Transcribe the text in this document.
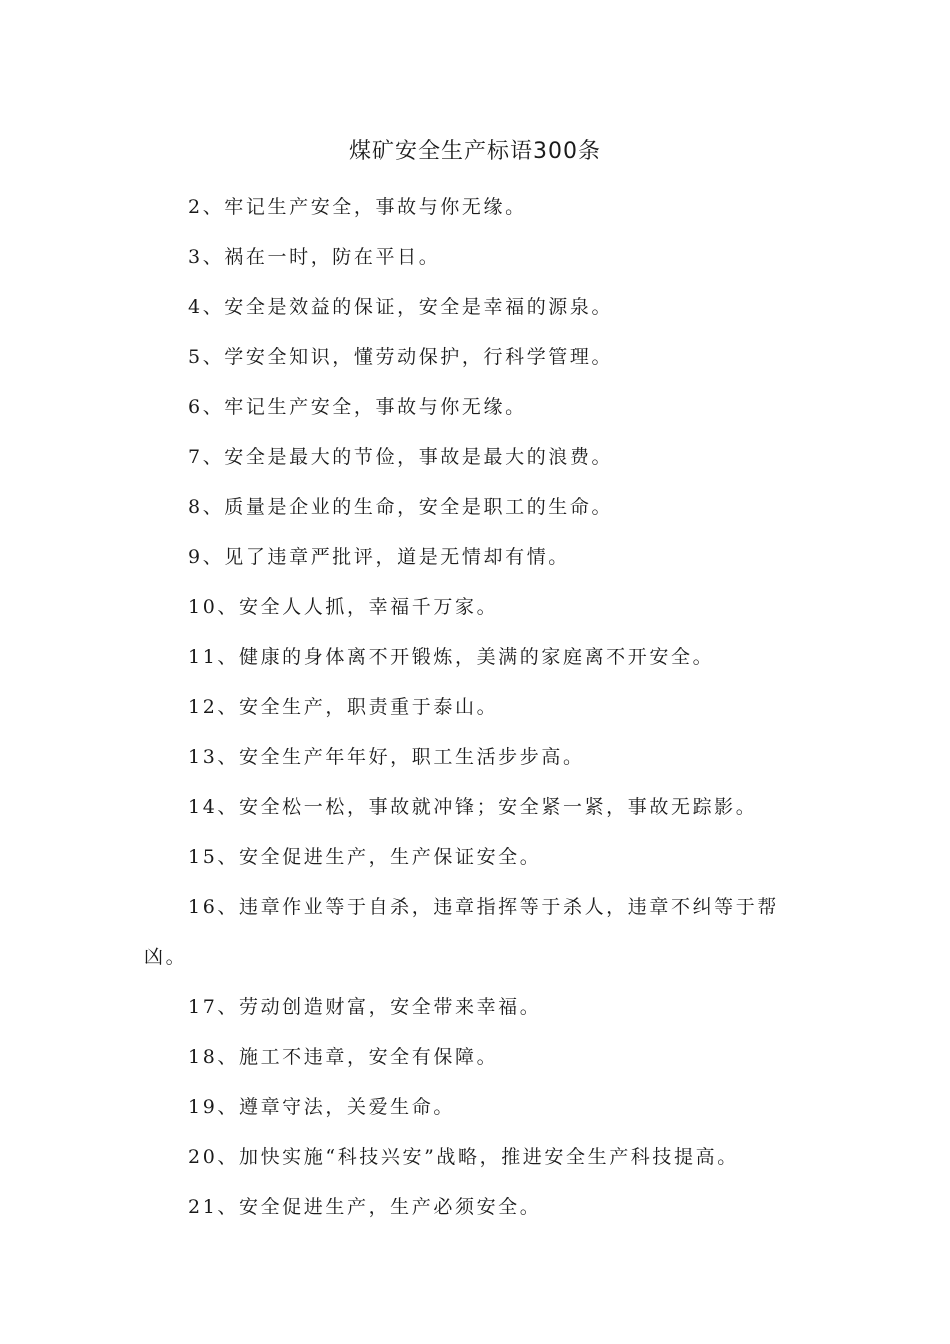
煤矿安全生产标语300条
2、牢记生产安全，事故与你无缘。
3、祸在一时，防在平日。
4、安全是效益的保证，安全是幸福的源泉。
5、学安全知识，懂劳动保护，行科学管理。
6、牢记生产安全，事故与你无缘。
7、安全是最大的节俭，事故是最大的浪费。
8、质量是企业的生命，安全是职工的生命。
9、见了违章严批评，道是无情却有情。
10、安全人人抓，幸福千万家。
11、健康的身体离不开锻炼，美满的家庭离不开安全。
12、安全生产，职责重于泰山。
13、安全生产年年好，职工生活步步高。
14、安全松一松，事故就冲锋；安全紧一紧，事故无踪影。
15、安全促进生产，生产保证安全。
16、违章作业等于自杀，违章指挥等于杀人，违章不纠等于帮凶。
17、劳动创造财富，安全带来幸福。
18、施工不违章，安全有保障。
19、遵章守法，关爱生命。
20、加快实施“科技兴安”战略，推进安全生产科技提高。
21、安全促进生产，生产必须安全。
